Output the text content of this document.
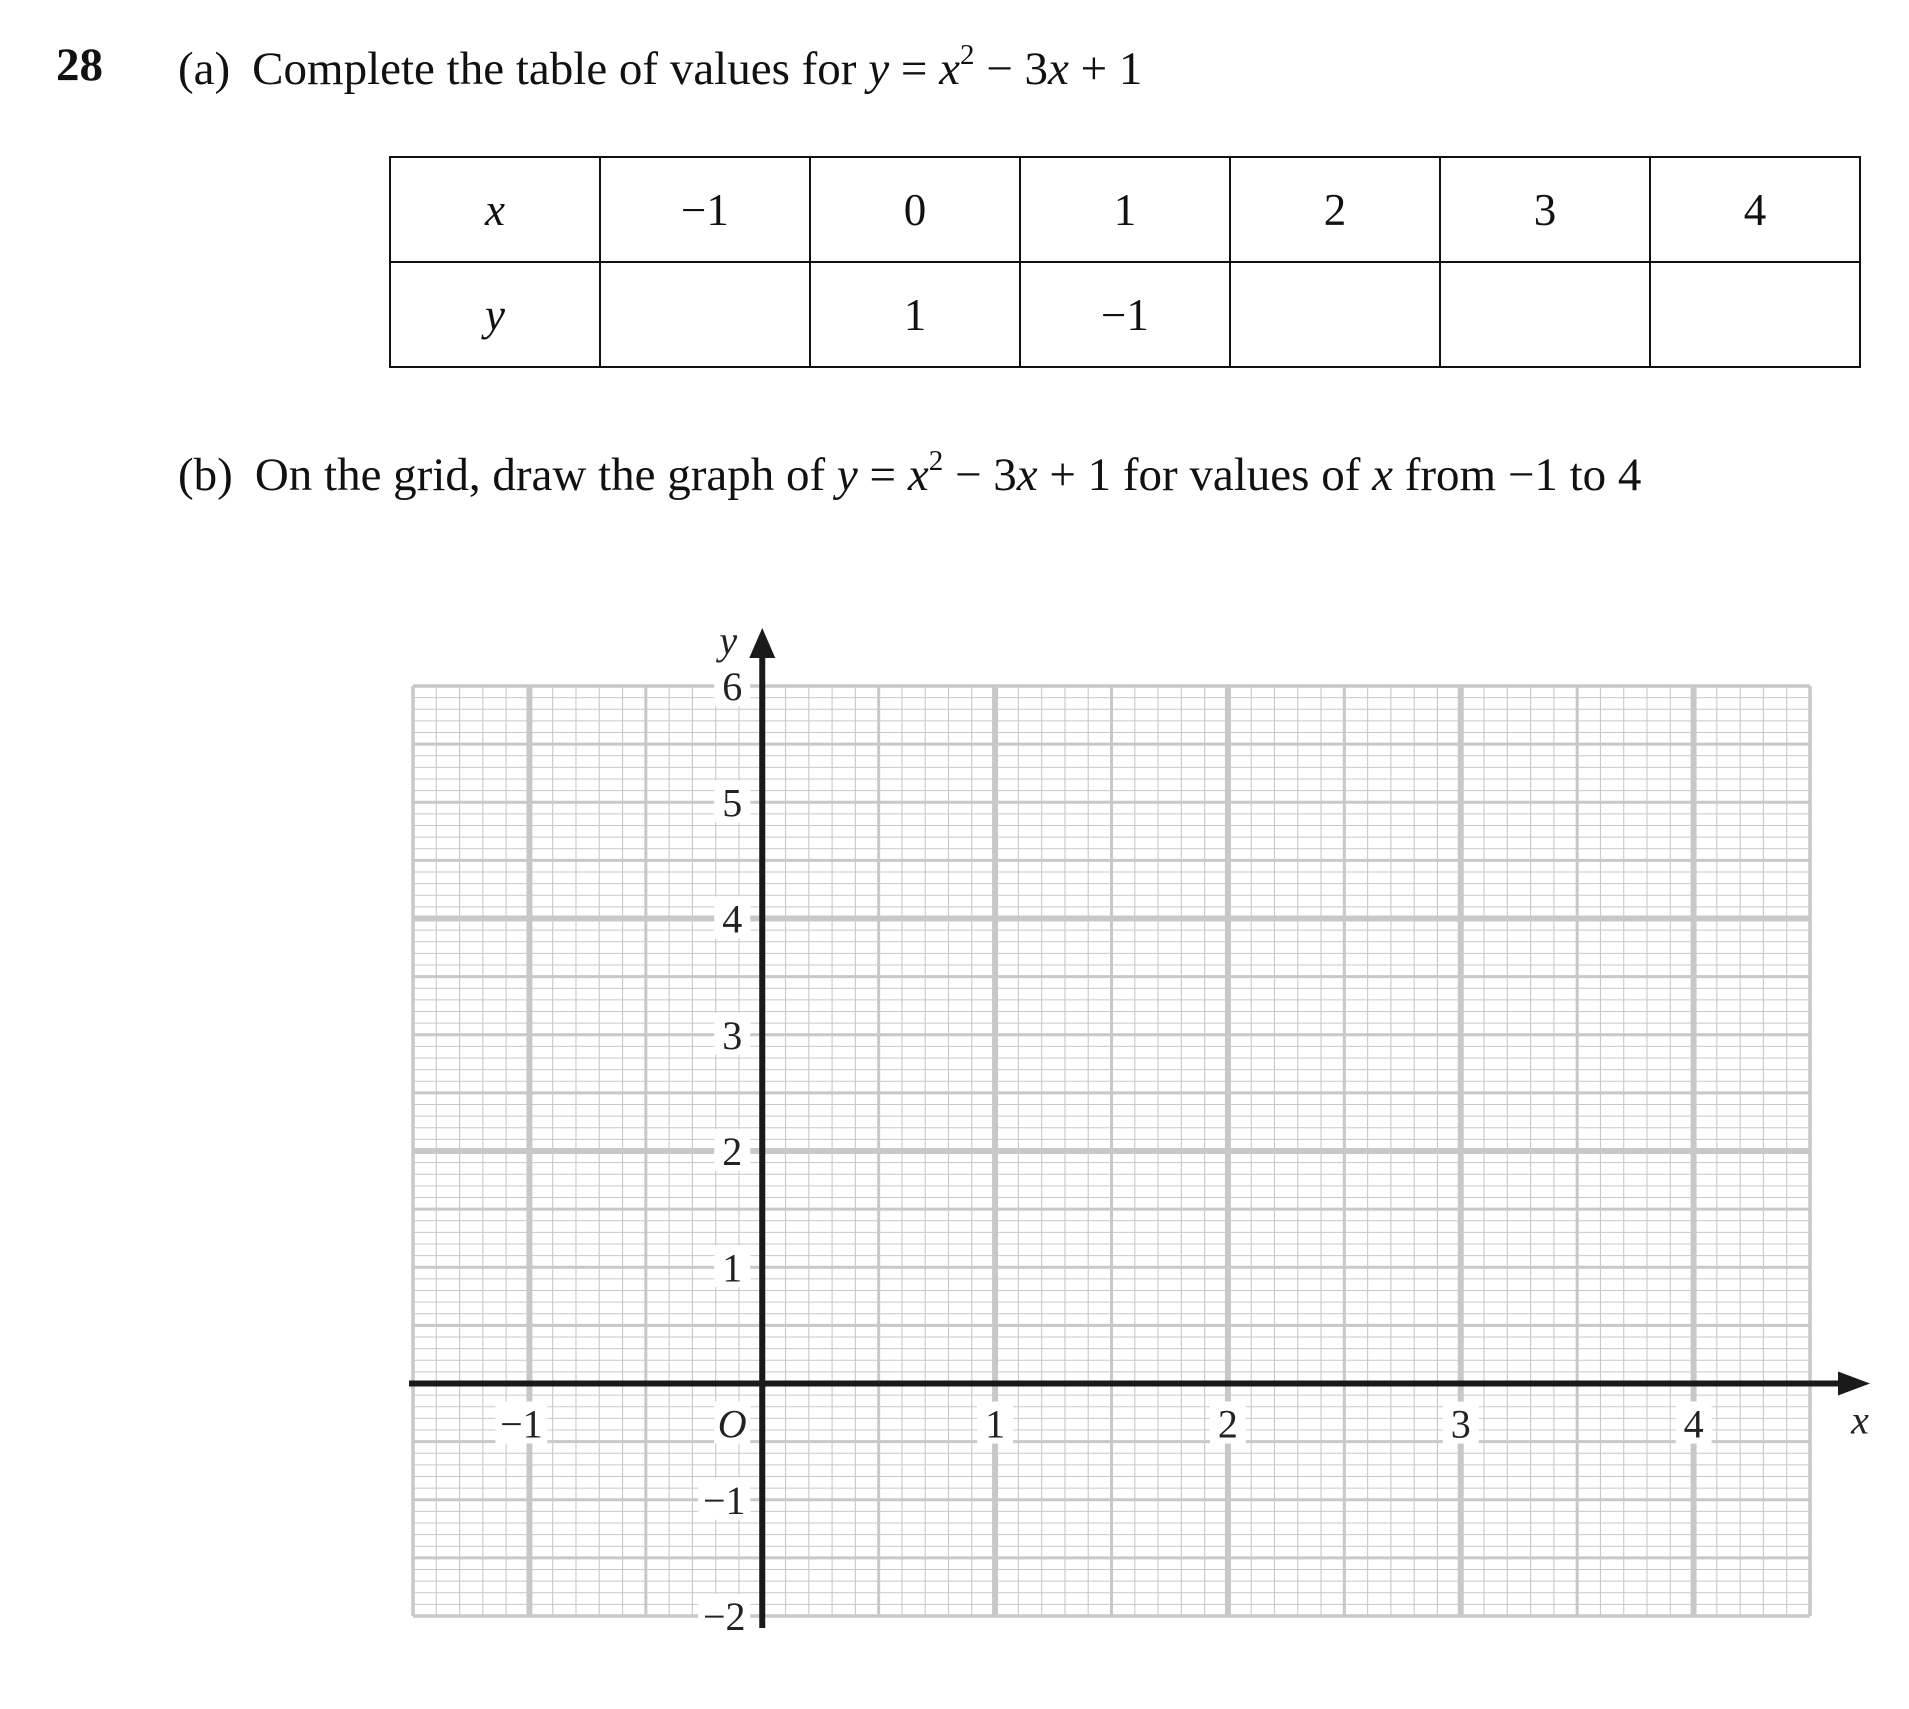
28 (a) Complete the table of values for $y = x^2 - 3x + 1$
x	−1	0	1	2	3	4
y		1	−1			
(b) On the grid, draw the graph of $y = x^2 - 3x + 1$ for values of x from −1 to 4
−1	1	2	3	4
−2
−1
1
2
3
4
5
6
O	x
y
